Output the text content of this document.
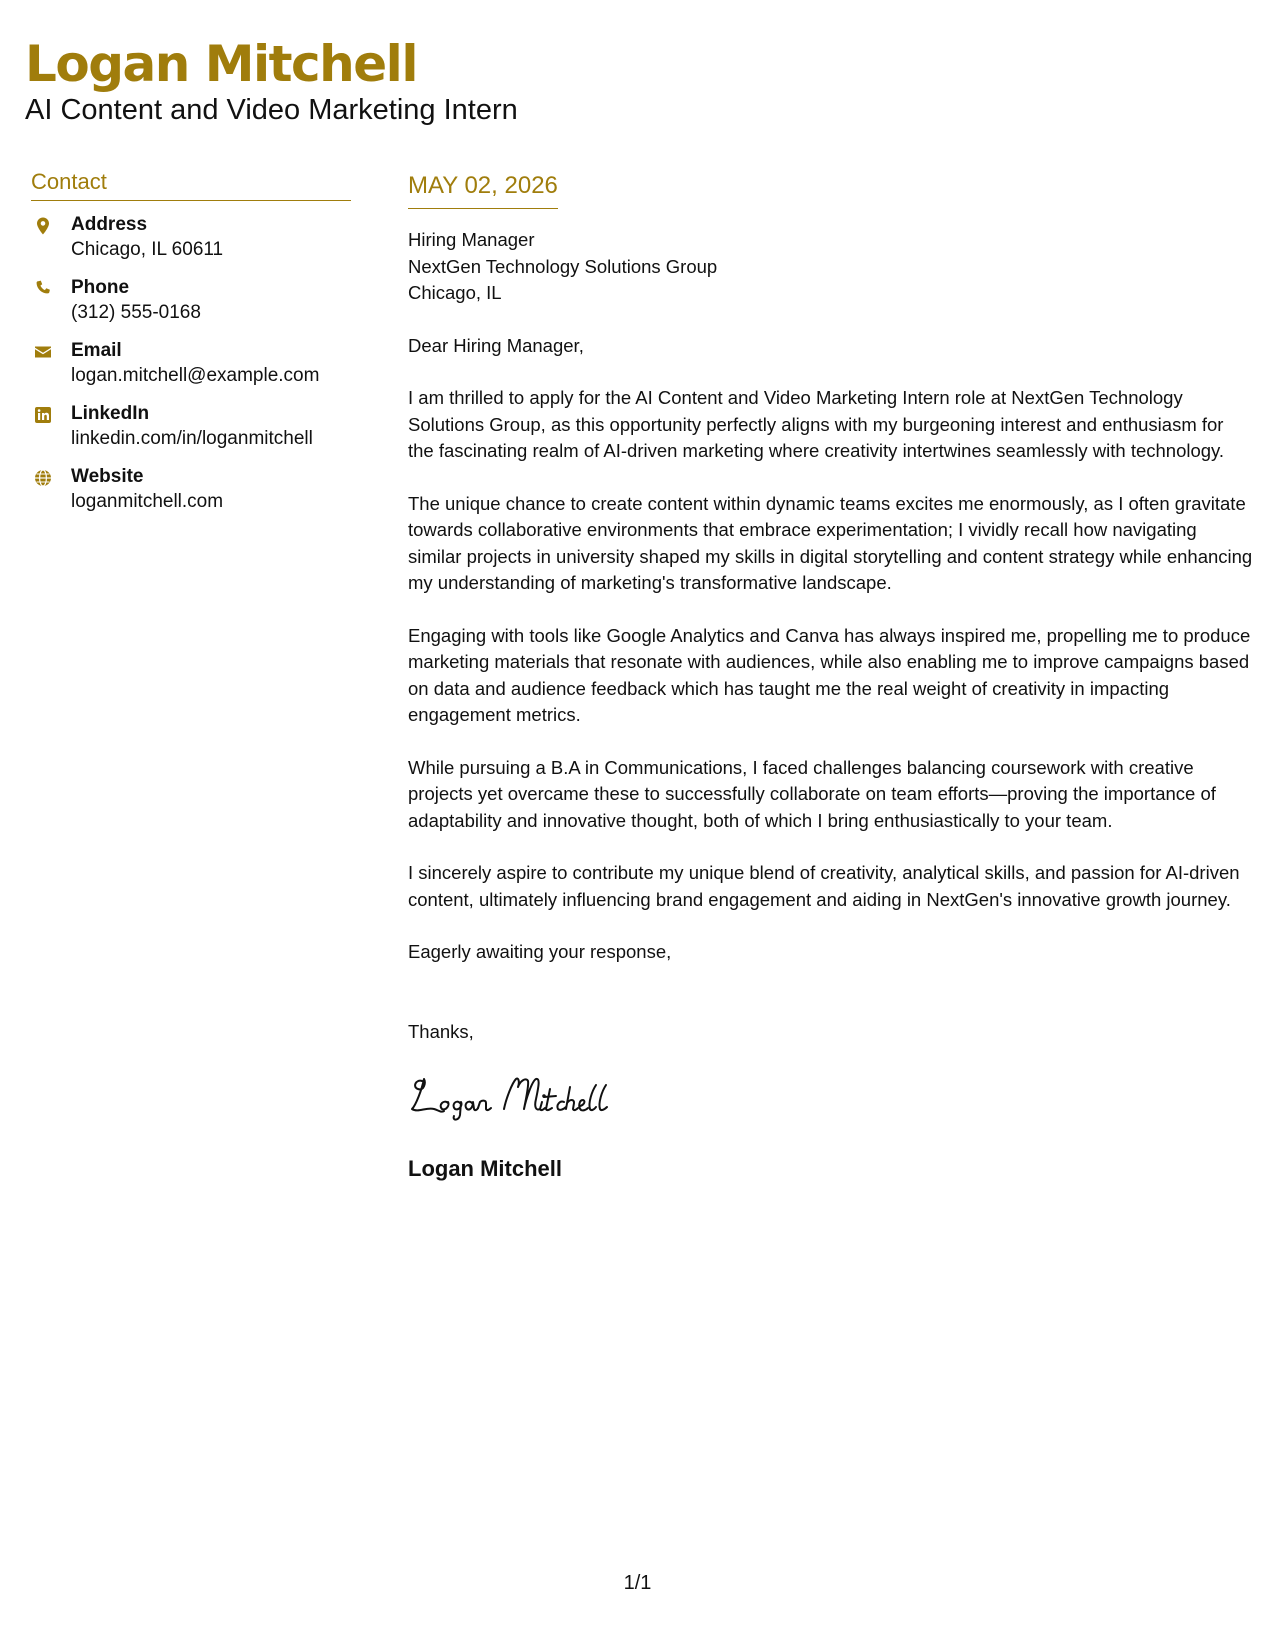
Logan Mitchell
AI Content and Video Marketing Intern
Contact
Address
Chicago, IL 60611
Phone
(312) 555-0168
Email
logan.mitchell@example.com
LinkedIn
linkedin.com/in/loganmitchell
Website
loganmitchell.com
MAY 02, 2026
Hiring Manager
NextGen Technology Solutions Group
Chicago, IL

Dear Hiring Manager,

I am thrilled to apply for the AI Content and Video Marketing Intern role at NextGen Technology Solutions Group, as this opportunity perfectly aligns with my burgeoning interest and enthusiasm for the fascinating realm of AI-driven marketing where creativity intertwines seamlessly with technology.

The unique chance to create content within dynamic teams excites me enormously, as I often gravitate towards collaborative environments that embrace experimentation; I vividly recall how navigating similar projects in university shaped my skills in digital storytelling and content strategy while enhancing my understanding of marketing's transformative landscape.

Engaging with tools like Google Analytics and Canva has always inspired me, propelling me to produce marketing materials that resonate with audiences, while also enabling me to improve campaigns based on data and audience feedback which has taught me the real weight of creativity in impacting engagement metrics.

While pursuing a B.A in Communications, I faced challenges balancing coursework with creative projects yet overcame these to successfully collaborate on team efforts—proving the importance of adaptability and innovative thought, both of which I bring enthusiastically to your team.

I sincerely aspire to contribute my unique blend of creativity, analytical skills, and passion for AI-driven content, ultimately influencing brand engagement and aiding in NextGen's innovative growth journey.

Eagerly awaiting your response,

Thanks,
Logan Mitchell
1/1
